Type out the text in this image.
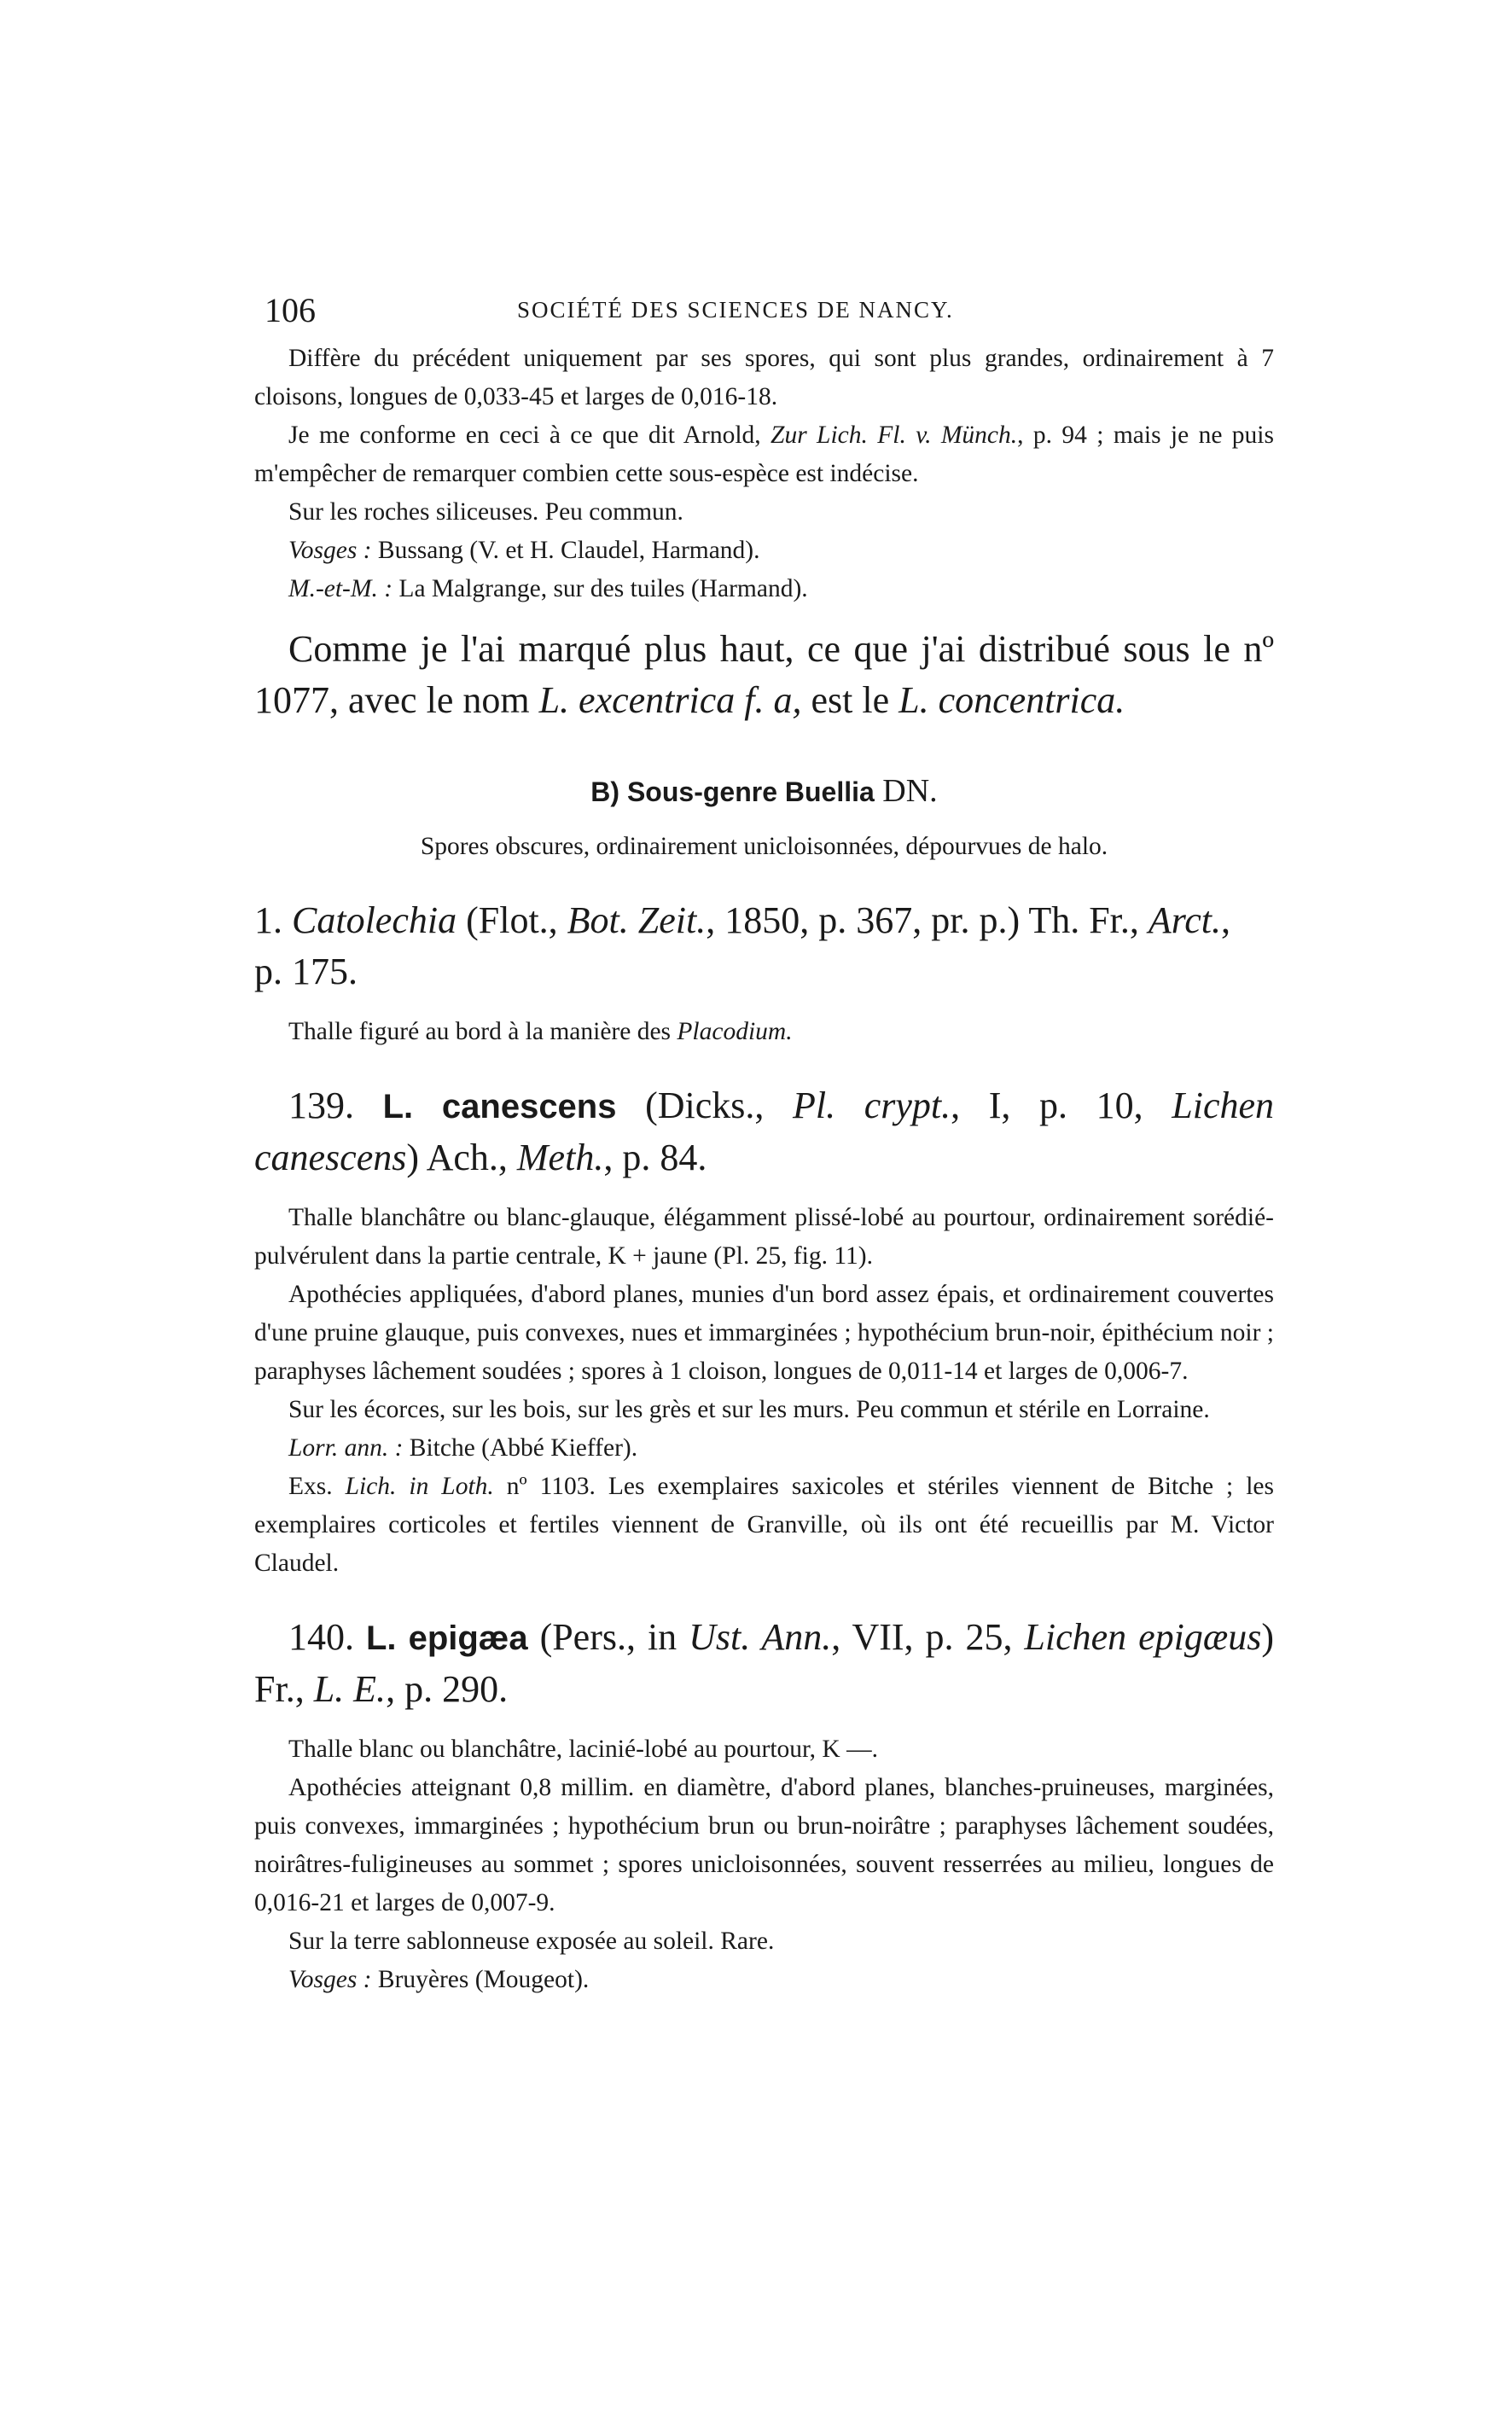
106	SOCIÉTÉ DES SCIENCES DE NANCY.

Diffère du précédent uniquement par ses spores, qui sont plus grandes, ordinairement à 7 cloisons, longues de 0,033-45 et larges de 0,016-18.

Je me conforme en ceci à ce que dit Arnold, Zur Lich. Fl. v. Münch., p. 94 ; mais je ne puis m'empêcher de remarquer combien cette sous-espèce est indécise.

Sur les roches siliceuses. Peu commun.

Vosges : Bussang (V. et H. Claudel, Harmand).

M.-et-M. : La Malgrange, sur des tuiles (Harmand).

Comme je l'ai marqué plus haut, ce que j'ai distribué sous le nº 1077, avec le nom L. excentrica f. a, est le L. concentrica.

B) Sous-genre Buellia DN.

Spores obscures, ordinairement unicloisonnées, dépourvues de halo.

1. Catolechia (Flot., Bot. Zeit., 1850, p. 367, pr. p.) Th. Fr., Arct.,

p. 175.

Thalle figuré au bord à la manière des Placodium.

139. L. canescens (Dicks., Pl. crypt., I, p. 10, Lichen canescens) Ach., Meth., p. 84.

Thalle blanchâtre ou blanc-glauque, élégamment plissé-lobé au pourtour, ordinairement sorédié-pulvérulent dans la partie centrale, K + jaune (Pl. 25, fig. 11).

Apothécies appliquées, d'abord planes, munies d'un bord assez épais, et ordinairement couvertes d'une pruine glauque, puis convexes, nues et immarginées ; hypothécium brun-noir, épithécium noir ; paraphyses lâchement soudées ; spores à 1 cloison, longues de 0,011-14 et larges de 0,006-7.

Sur les écorces, sur les bois, sur les grès et sur les murs. Peu commun et stérile en Lorraine.

Lorr. ann. : Bitche (Abbé Kieffer).

Exs. Lich. in Loth. nº 1103. Les exemplaires saxicoles et stériles viennent de Bitche ; les exemplaires corticoles et fertiles viennent de Granville, où ils ont été recueillis par M. Victor Claudel.

140. L. epigæa (Pers., in Ust. Ann., VII, p. 25, Lichen epigæus) Fr., L. E., p. 290.

Thalle blanc ou blanchâtre, lacinié-lobé au pourtour, K —.

Apothécies atteignant 0,8 millim. en diamètre, d'abord planes, blanches-pruineuses, marginées, puis convexes, immarginées ; hypothécium brun ou brun-noirâtre ; paraphyses lâchement soudées, noirâtres-fuligineuses au sommet ; spores unicloisonnées, souvent resserrées au milieu, longues de 0,016-21 et larges de 0,007-9.

Sur la terre sablonneuse exposée au soleil. Rare.

Vosges : Bruyères (Mougeot).
